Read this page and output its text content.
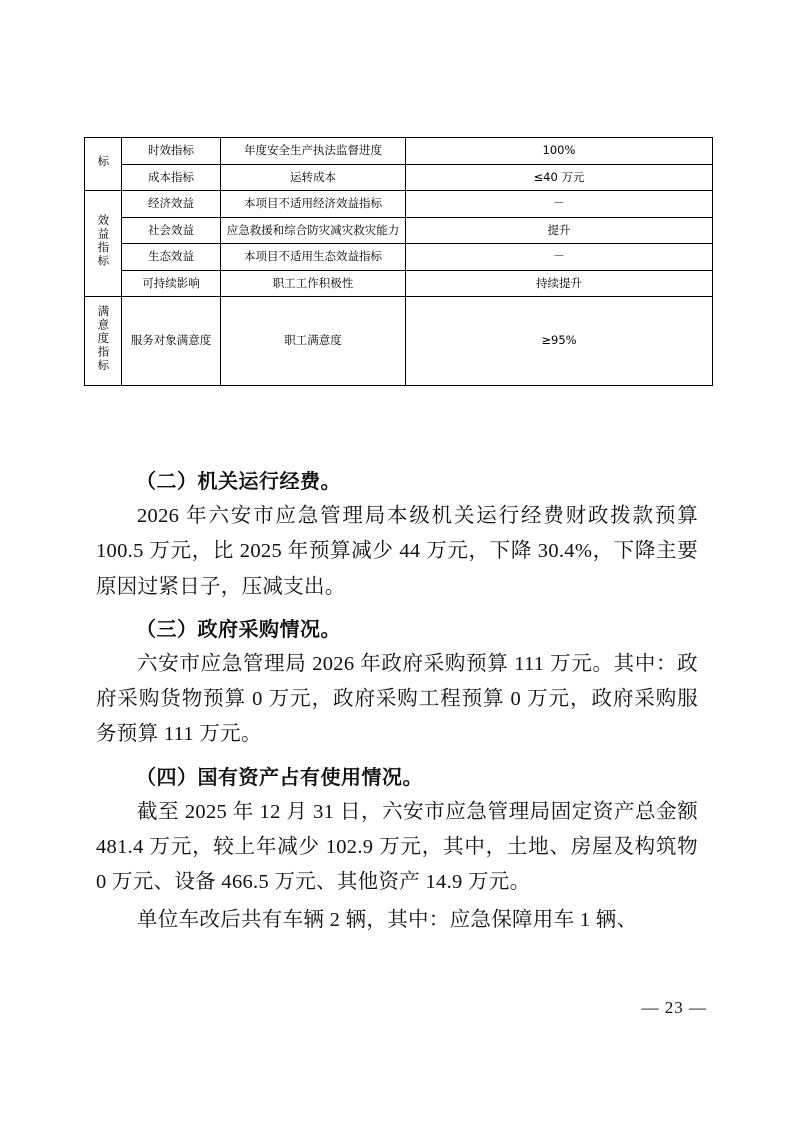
标	时效指标	年度安全生产执法监督进度	100%
	成本指标	运转成本	≤40 万元
效益指标	经济效益	本项目不适用经济效益指标	－
	社会效益	应急救援和综合防灾减灾救灾能力	提升
	生态效益	本项目不适用生态效益指标	－
	可持续影响	职工工作积极性	持续提升
满意度指标	服务对象满意度	职工满意度	≥95%
（二）机关运行经费。

2026 年六安市应急管理局本级机关运行经费财政拨款预算 100.5 万元，比 2025 年预算减少 44 万元，下降 30.4%，下降主要原因过紧日子，压减支出。

（三）政府采购情况。

六安市应急管理局 2026 年政府采购预算 111 万元。其中：政府采购货物预算 0 万元，政府采购工程预算 0 万元，政府采购服务预算 111 万元。

（四）国有资产占有使用情况。

截至 2025 年 12 月 31 日，六安市应急管理局固定资产总金额 481.4 万元，较上年减少 102.9 万元，其中，土地、房屋及构筑物 0 万元、设备 466.5 万元、其他资产 14.9 万元。

单位车改后共有车辆 2 辆，其中：应急保障用车 1 辆、

— 23 —
